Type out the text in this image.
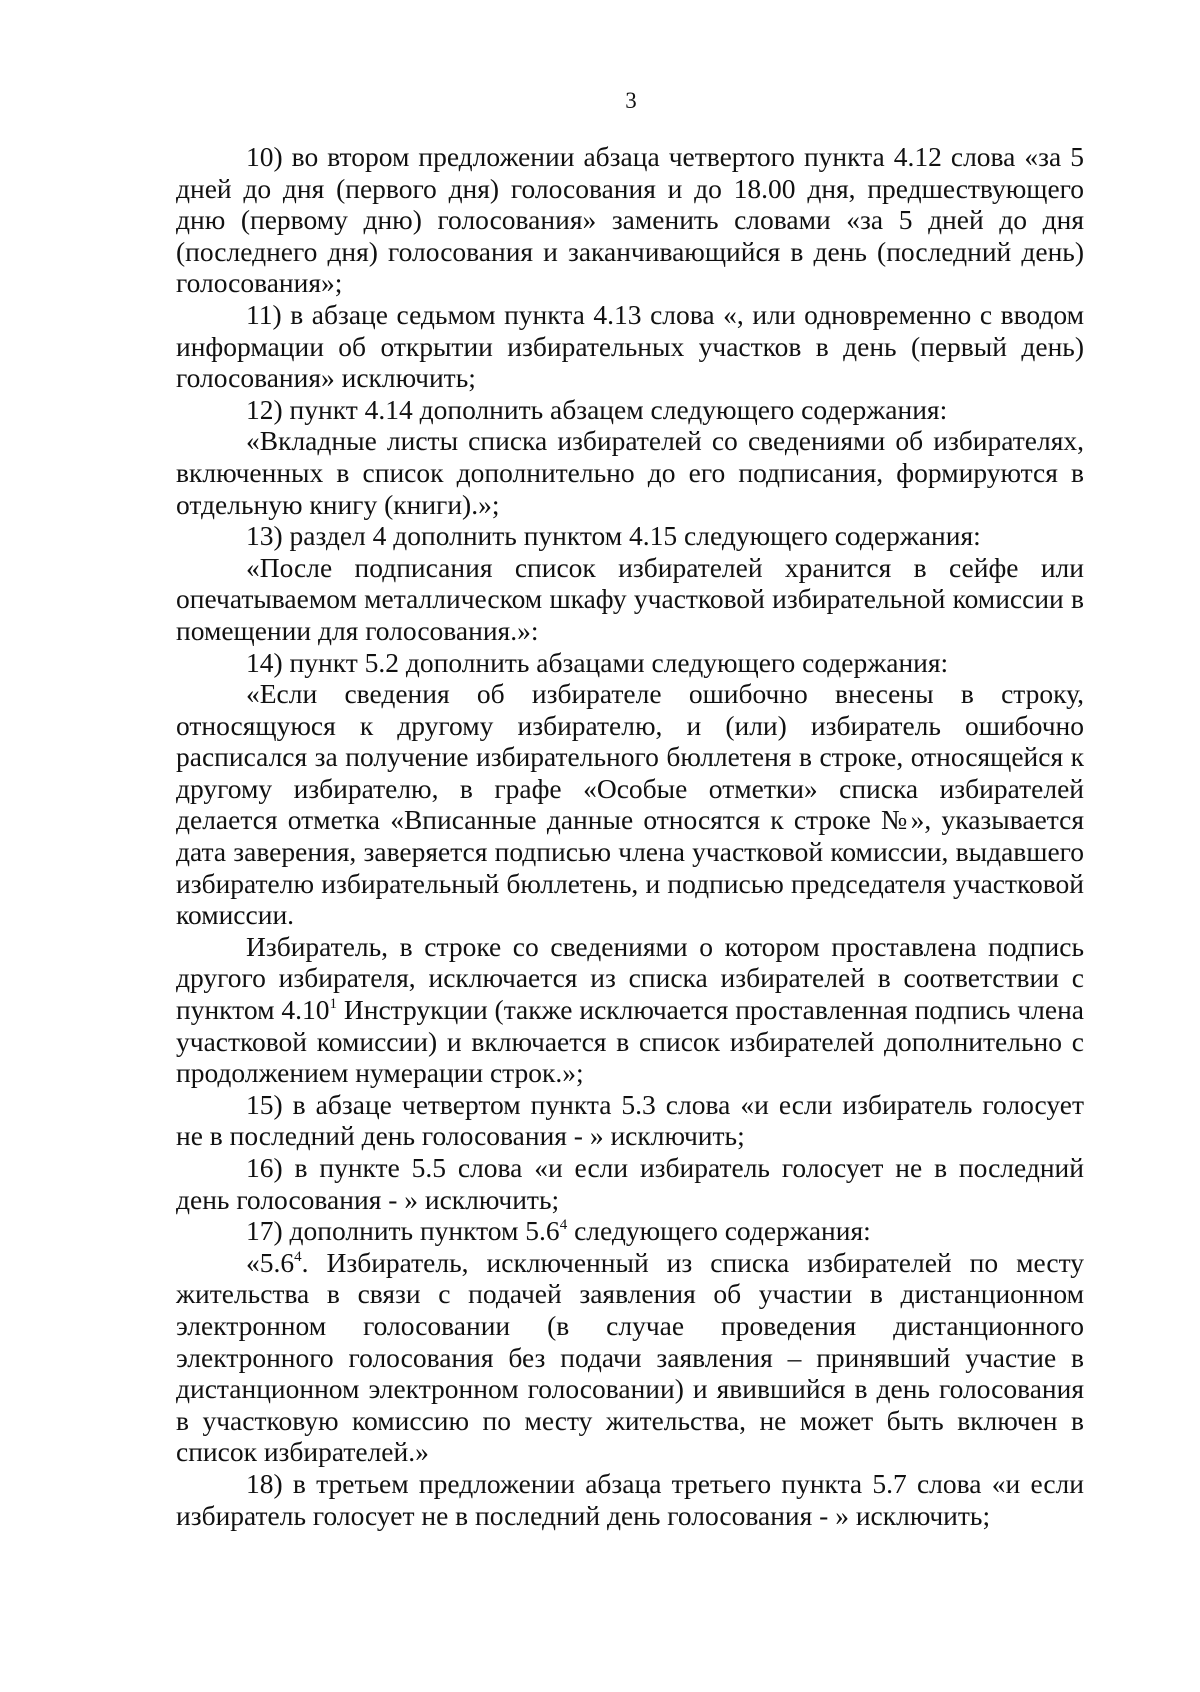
3

10) во втором предложении абзаца четвертого пункта 4.12 слова «за 5 дней до дня (первого дня) голосования и до 18.00 дня, предшествующего дню (первому дню) голосования» заменить словами «за 5 дней до дня (последнего дня) голосования и заканчивающийся в день (последний день) голосования»;

11) в абзаце седьмом пункта 4.13 слова «, или одновременно с вводом информации об открытии избирательных участков в день (первый день) голосования» исключить;

12) пункт 4.14 дополнить абзацем следующего содержания:

«Вкладные листы списка избирателей со сведениями об избирателях, включенных в список дополнительно до его подписания, формируются в отдельную книгу (книги).»;

13) раздел 4 дополнить пунктом 4.15 следующего содержания:

«После подписания список избирателей хранится в сейфе или опечатываемом металлическом шкафу участковой избирательной комиссии в помещении для голосования.»:

14) пункт 5.2 дополнить абзацами следующего содержания:

«Если сведения об избирателе ошибочно внесены в строку, относящуюся к другому избирателю, и (или) избиратель ошибочно расписался за получение избирательного бюллетеня в строке, относящейся к другому избирателю, в графе «Особые отметки» списка избирателей делается отметка «Вписанные данные относятся к строке №», указывается дата заверения, заверяется подписью члена участковой комиссии, выдавшего избирателю избирательный бюллетень, и подписью председателя участковой комиссии.

Избиратель, в строке со сведениями о котором проставлена подпись другого избирателя, исключается из списка избирателей в соответствии с пунктом 4.10$^1$ Инструкции (также исключается проставленная подпись члена участковой комиссии) и включается в список избирателей дополнительно с продолжением нумерации строк.»;

15) в абзаце четвертом пункта 5.3 слова «и если избиратель голосует не в последний день голосования - » исключить;

16) в пункте 5.5 слова «и если избиратель голосует не в последний день голосования - » исключить;

17) дополнить пунктом $5.6^4$ следующего содержания:

«$5.6^4$. Избиратель, исключенный из списка избирателей по месту жительства в связи с подачей заявления об участии в дистанционном электронном голосовании (в случае проведения дистанционного электронного голосования без подачи заявления – принявший участие в дистанционном электронном голосовании) и явившийся в день голосования в участковую комиссию по месту жительства, не может быть включен в список избирателей.»

18) в третьем предложении абзаца третьего пункта 5.7 слова «и если избиратель голосует не в последний день голосования - » исключить;
